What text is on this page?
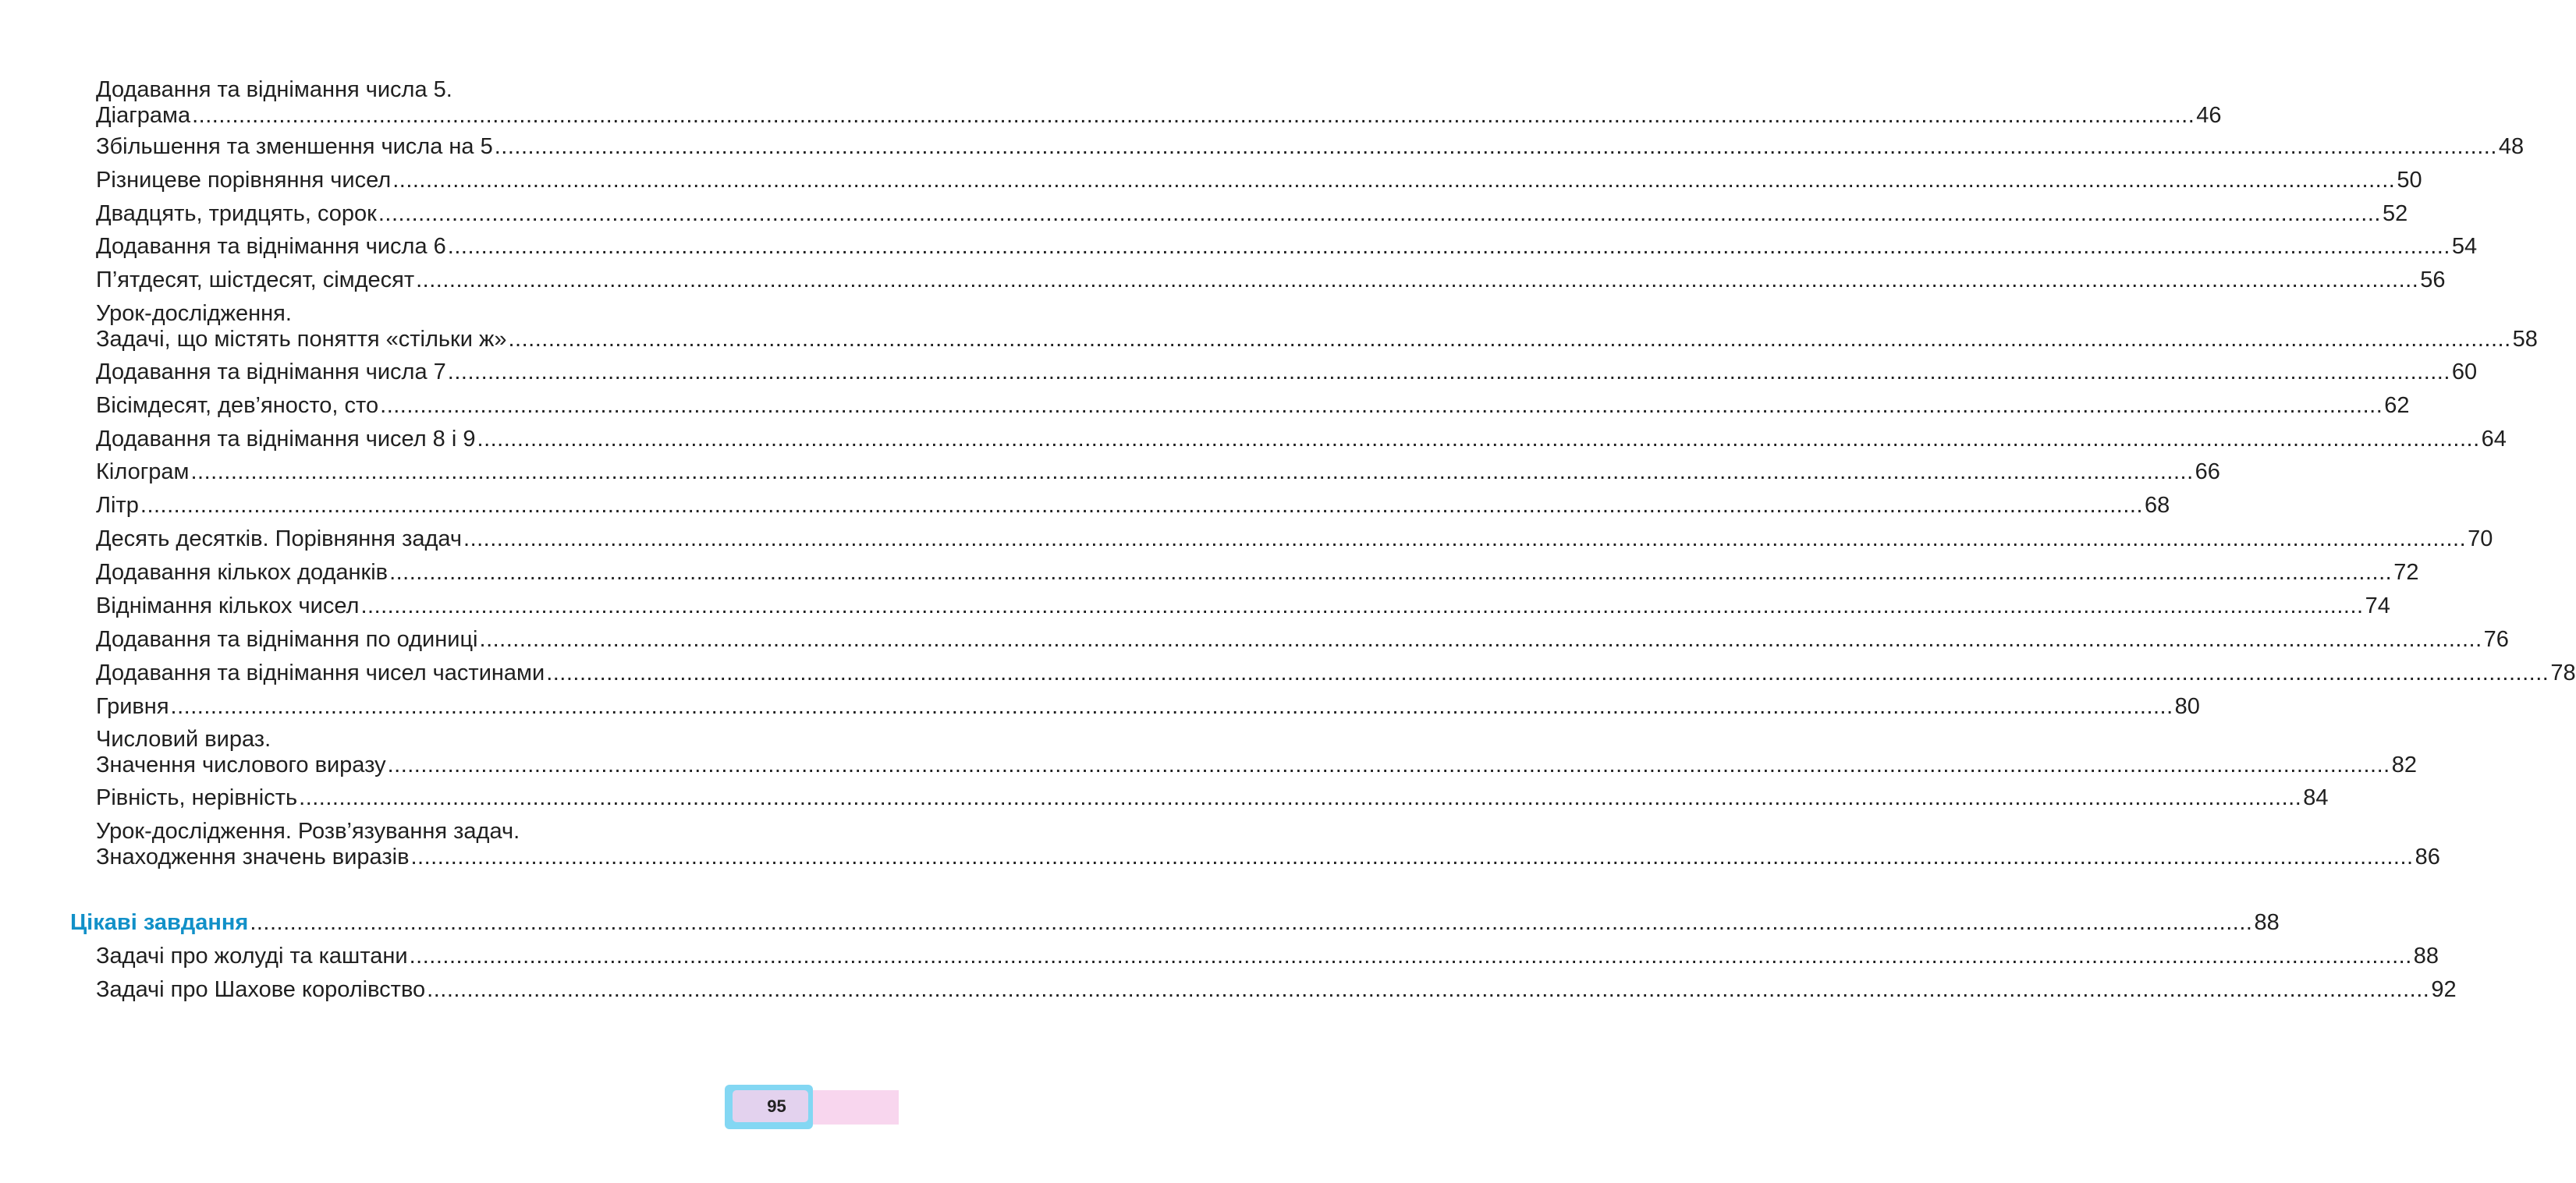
Додавання та віднімання числа 5.
Діаграма ............................................................................................................................................................................................................................................................................................................ 46
Збільшення та зменшення числа на 5 ............................................................................................................................................................................................................................................................................................................ 48
Різницеве порівняння чисел ............................................................................................................................................................................................................................................................................................................ 50
Двадцять, тридцять, сорок ............................................................................................................................................................................................................................................................................................................ 52
Додавання та віднімання числа 6 ............................................................................................................................................................................................................................................................................................................ 54
П’ятдесят, шістдесят, сімдесят ............................................................................................................................................................................................................................................................................................................ 56
Урок-дослідження.
Задачі, що містять поняття «стільки ж» ............................................................................................................................................................................................................................................................................................................ 58
Додавання та віднімання числа 7 ............................................................................................................................................................................................................................................................................................................ 60
Вісімдесят, дев’яносто, сто ............................................................................................................................................................................................................................................................................................................ 62
Додавання та віднімання чисел 8 і 9 ............................................................................................................................................................................................................................................................................................................ 64
Кілограм ............................................................................................................................................................................................................................................................................................................ 66
Літр ............................................................................................................................................................................................................................................................................................................ 68
Десять десятків. Порівняння задач ............................................................................................................................................................................................................................................................................................................ 70
Додавання кількох доданків ............................................................................................................................................................................................................................................................................................................ 72
Віднімання кількох чисел ............................................................................................................................................................................................................................................................................................................ 74
Додавання та віднімання по одиниці ............................................................................................................................................................................................................................................................................................................ 76
Додавання та віднімання чисел частинами ............................................................................................................................................................................................................................................................................................................ 78
Гривня ............................................................................................................................................................................................................................................................................................................ 80
Числовий вираз.
Значення числового виразу ............................................................................................................................................................................................................................................................................................................ 82
Рівність, нерівність ............................................................................................................................................................................................................................................................................................................ 84
Урок-дослідження. Розв’язування задач.
Знаходження значень виразів ............................................................................................................................................................................................................................................................................................................ 86
Цікаві завдання ............................................................................................................................................................................................................................................................................................................ 88
Задачі про жолуді та каштани ............................................................................................................................................................................................................................................................................................................ 88
Задачі про Шахове королівство ............................................................................................................................................................................................................................................................................................................ 92
95
